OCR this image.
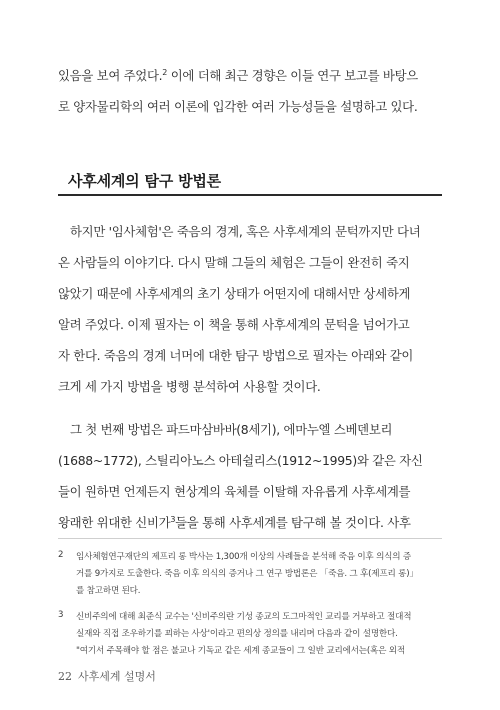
있음을 보여 주었다.$^2$ 이에 더해 최근 경향은 이들 연구 보고를 바탕으
로 양자물리학의 여러 이론에 입각한 여러 가능성들을 설명하고 있다.
사후세계의 탐구 방법론
하지만 '임사체험'은 죽음의 경계, 혹은 사후세계의 문턱까지만 다녀
온 사람들의 이야기다. 다시 말해 그들의 체험은 그들이 완전히 죽지
않았기 때문에 사후세계의 초기 상태가 어떤지에 대해서만 상세하게
알려 주었다. 이제 필자는 이 책을 통해 사후세계의 문턱을 넘어가고
자 한다. 죽음의 경계 너머에 대한 탐구 방법으로 필자는 아래와 같이
크게 세 가지 방법을 병행 분석하여 사용할 것이다.
그 첫 번째 방법은 파드마삼바바(8세기), 에마누엘 스베덴보리
(1688~1772), 스틸리아노스 아테쉴리스(1912~1995)와 같은 자신
들이 원하면 언제든지 현상계의 육체를 이탈해 자유롭게 사후세계를
왕래한 위대한 신비가$^3$들을 통해 사후세계를 탐구해 볼 것이다. 사후
2 임사체험연구재단의 제프리 롱 박사는 1,300개 이상의 사례들을 분석해 죽음 이후 의식의 증
거를 9가지로 도출한다. 죽음 이후 의식의 증거나 그 연구 방법론은 「죽음. 그 후(제프리 롱)」
를 참고하면 된다.
3 신비주의에 대해 최준식 교수는 '신비주의란 기성 종교의 도그마적인 교리를 거부하고 절대적
실재와 직접 조우하기를 꾀하는 사상'이라고 편의상 정의를 내리며 다음과 같이 설명한다.
"여기서 주목해야 할 점은 불교나 기독교 같은 세계 종교들이 그 일반 교리에서는(혹은 외적
22 사후세계 설명서
